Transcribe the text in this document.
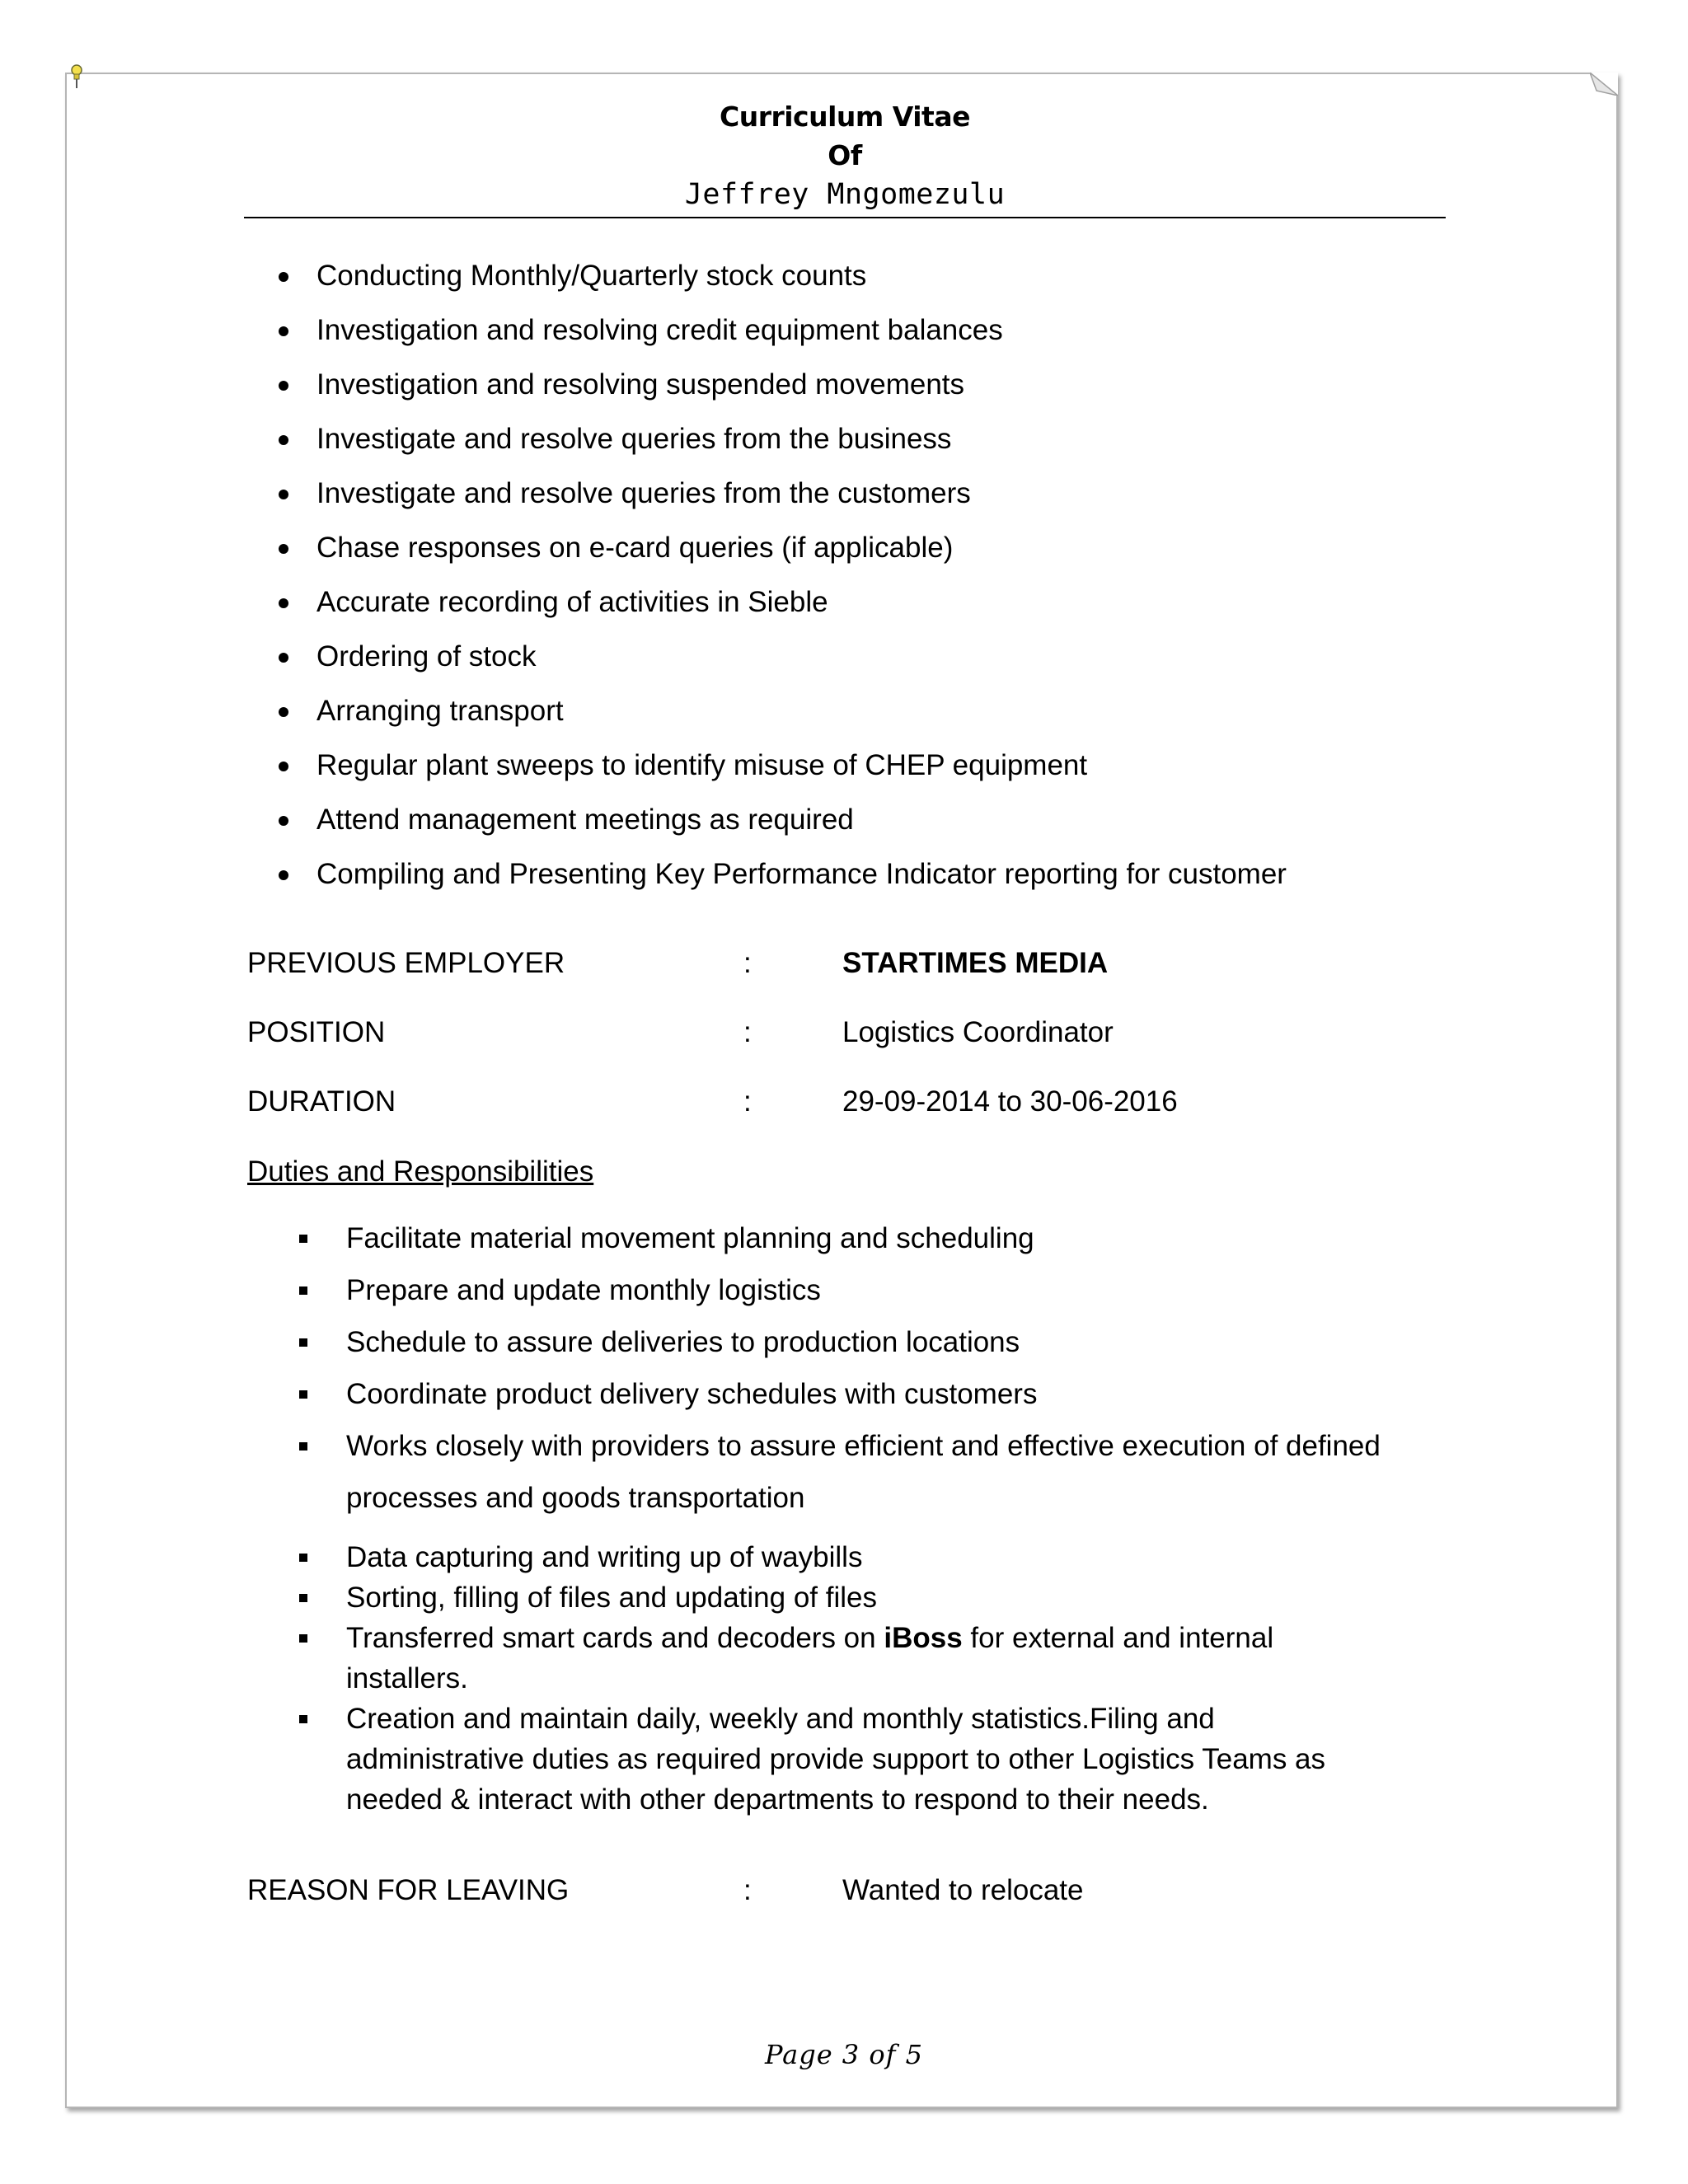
Curriculum Vitae
Of
Jeffrey Mngomezulu
Conducting Monthly/Quarterly stock counts
Investigation and resolving credit equipment balances
Investigation and resolving suspended movements
Investigate and resolve queries from the business
Investigate and resolve queries from the customers
Chase responses on e-card queries (if applicable)
Accurate recording of activities in Sieble
Ordering of stock
Arranging transport
Regular plant sweeps to identify misuse of CHEP equipment
Attend management meetings as required
Compiling and Presenting Key Performance Indicator reporting for customer
PREVIOUS EMPLOYER	:	STARTIMES MEDIA
POSITION	:	Logistics Coordinator
DURATION	:	29-09-2014 to 30-06-2016
Duties and Responsibilities
Facilitate material movement planning and scheduling
Prepare and update monthly logistics
Schedule to assure deliveries to production locations
Coordinate product delivery schedules with customers
Works closely with providers to assure efficient and effective execution of defined
processes and goods transportation
Data capturing and writing up of waybills
Sorting, filling of files and updating of files
Transferred smart cards and decoders on iBoss for external and internal
installers.
Creation and maintain daily, weekly and monthly statistics.Filing and
administrative duties as required provide support to other Logistics Teams as
needed & interact with other departments to respond to their needs.
REASON FOR LEAVING	:	Wanted to relocate
Page 3 of 5
